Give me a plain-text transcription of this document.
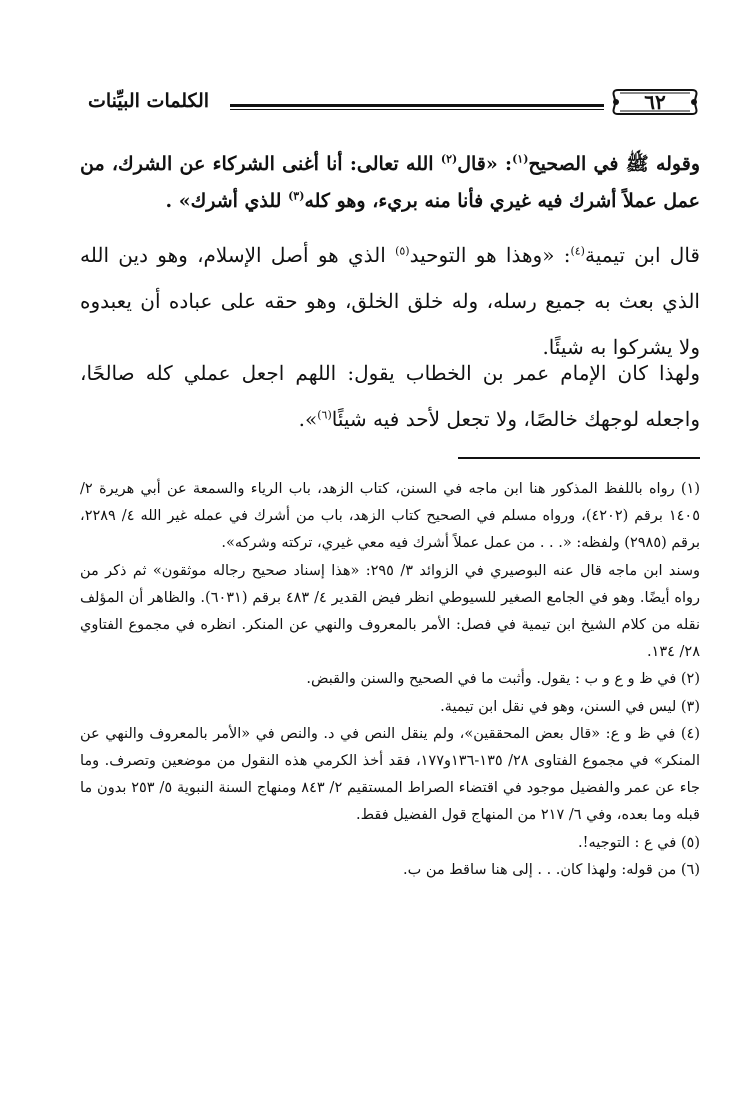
الكلمات البيِّنات	٦٢
وقوله ﷺ في الصحيح$^{(١)}$: «قال$^{(٢)}$ الله تعالى: أنا أغنى الشركاء عن الشرك، من عمل عملاً أشرك فيه غيري فأنا منه بريء، وهو كله$^{(٣)}$ للذي أشرك» .
قال ابن تيمية$^{(٤)}$: «وهذا هو التوحيد$^{(٥)}$ الذي هو أصل الإسلام، وهو دين الله الذي بعث به جميع رسله، وله خلق الخلق، وهو حقه على عباده أن يعبدوه ولا يشركوا به شيئًا.
ولهذا كان الإمام عمر بن الخطاب يقول: اللهم اجعل عملي كله صالحًا، واجعله لوجهك خالصًا، ولا تجعل لأحد فيه شيئًا$^{(٦)}$».

(١) رواه باللفظ المذكور هنا ابن ماجه في السنن، كتاب الزهد، باب الرياء والسمعة عن أبي هريرة ٢/ ١٤٠٥ برقم (٤٢٠٢)، ورواه مسلم في الصحيح كتاب الزهد، باب من أشرك في عمله غير الله ٤/ ٢٢٨٩، برقم (٢٩٨٥) ولفظه: «. . . من عمل عملاً أشرك فيه معي غيري، تركته وشركه».

وسند ابن ماجه قال عنه البوصيري في الزوائد ٣/ ٢٩٥: «هذا إسناد صحيح رجاله موثقون» ثم ذكر من رواه أيضًا. وهو في الجامع الصغير للسيوطي انظر فيض القدير ٤/ ٤٨٣ برقم (٦٠٣١). والظاهر أن المؤلف نقله من كلام الشيخ ابن تيمية في فصل: الأمر بالمعروف والنهي عن المنكر. انظره في مجموع الفتاوي ٢٨/ ١٣٤.

(٢) في ظ و ع و ب : يقول. وأثبت ما في الصحيح والسنن والقبض.

(٣) ليس في السنن، وهو في نقل ابن تيمية.

(٤) في ظ و ع: «قال بعض المحققين»، ولم ينقل النص في د. والنص في «الأمر بالمعروف والنهي عن المنكر» في مجموع الفتاوى ٢٨/ ١٣٥-١٣٦و١٧٧، فقد أخذ الكرمي هذه النقول من موضعين وتصرف. وما جاء عن عمر والفضيل موجود في اقتضاء الصراط المستقيم ٢/ ٨٤٣ ومنهاج السنة النبوية ٥/ ٢٥٣ بدون ما قبله وما بعده، وفي ٦/ ٢١٧ من المنهاج قول الفضيل فقط.

(٥) في ع : التوجيه!.

(٦) من قوله: ولهذا كان. . . إلى هنا ساقط من ب.
